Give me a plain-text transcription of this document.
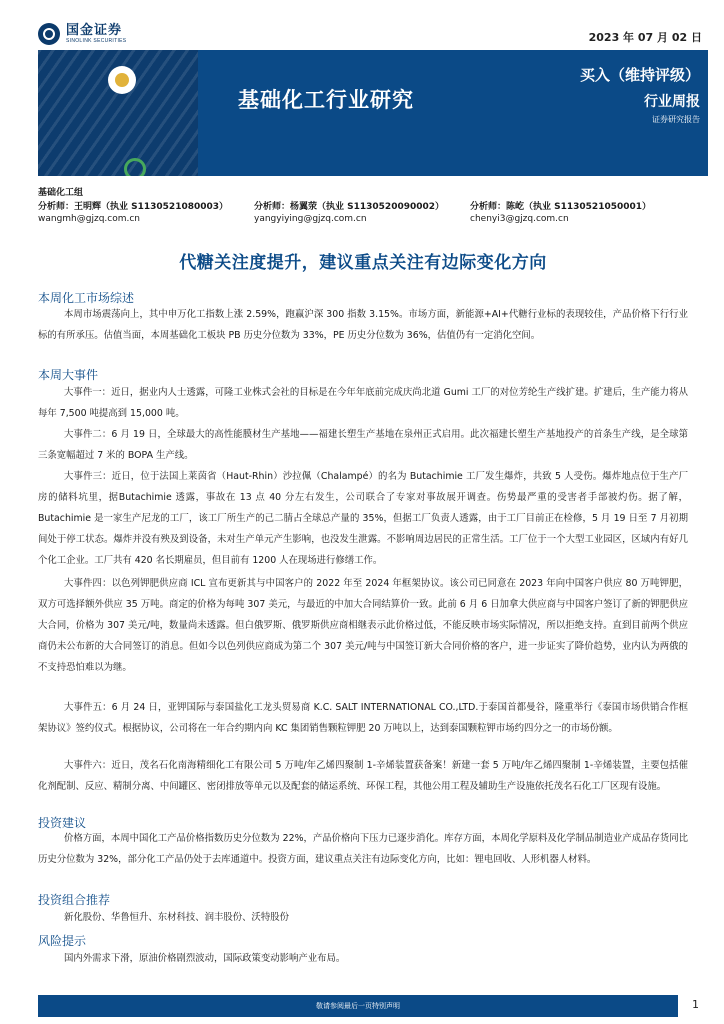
国金证券
SINOLINK SECURITIES	2023 年 07 月 02 日
基础化工行业研究
买入（维持评级）
行业周报
证券研究报告
基础化工组
分析师：王明辉（执业 S1130521080003）	分析师：杨翼荥（执业 S1130520090002）	分析师：陈屹（执业 S1130521050001）
wangmh@gjzq.com.cn	yangyiying@gjzq.com.cn	chenyi3@gjzq.com.cn
代糖关注度提升，建议重点关注有边际变化方向
本周化工市场综述

本周市场震荡向上，其中申万化工指数上涨 2.59%，跑赢沪深 300 指数 3.15%。市场方面，新能源+AI+代糖行业标的表现较佳，产品价格下行行业标的有所承压。估值当面，本周基础化工板块 PB 历史分位数为 33%，PE 历史分位数为 36%，估值仍有一定消化空间。

本周大事件

大事件一：近日，据业内人士透露，可隆工业株式会社的目标是在今年年底前完成庆尚北道 Gumi 工厂的对位芳纶生产线扩建。扩建后，生产能力将从每年 7,500 吨提高到 15,000 吨。

大事件二：6 月 19 日，全球最大的高性能膜材生产基地——福建长塑生产基地在泉州正式启用。此次福建长塑生产基地投产的首条生产线，是全球第三条宽幅超过 7 米的 BOPA 生产线。

大事件三：近日，位于法国上莱茵省（Haut-Rhin）沙拉佩（Chalampé）的名为 Butachimie 工厂发生爆炸，共致 5 人受伤。爆炸地点位于生产厂房的储料坑里，据Butachimie 透露，事故在 13 点 40 分左右发生，公司联合了专家对事故展开调查。伤势最严重的受害者手部被灼伤。据了解，Butachimie 是一家生产尼龙的工厂，该工厂所生产的己二腈占全球总产量的 35%，但据工厂负责人透露，由于工厂目前正在检修，5 月 19 日至 7 月初期间处于停工状态。爆炸并没有殃及到设备，未对生产单元产生影响，也没发生泄露。不影响周边居民的正常生活。工厂位于一个大型工业园区，区域内有好几个化工企业。工厂共有 420 名长期雇员，但目前有 1200 人在现场进行修缮工作。

大事件四：以色列钾肥供应商 ICL 宣布更新其与中国客户的 2022 年至 2024 年框架协议。该公司已同意在 2023 年向中国客户供应 80 万吨钾肥，双方可选择额外供应 35 万吨。商定的价格为每吨 307 美元，与最近的中加大合同结算价一致。此前 6 月 6 日加拿大供应商与中国客户签订了新的钾肥供应大合同，价格为 307 美元/吨，数量尚未透露。但白俄罗斯、俄罗斯供应商相继表示此价格过低，不能反映市场实际情况，所以拒绝支持。直到目前两个供应商仍未公布新的大合同签订的消息。但如今以色列供应商成为第二个 307 美元/吨与中国签订新大合同价格的客户，进一步证实了降价趋势，业内认为两俄的不支持恐怕难以为继。

大事件五：6 月 24 日，亚钾国际与泰国盐化工龙头贸易商 K.C. SALT INTERNATIONAL CO.,LTD.于泰国首都曼谷，隆重举行《泰国市场供销合作框架协议》签约仪式。根据协议，公司将在一年合约期内向 KC 集团销售颗粒钾肥 20 万吨以上，达到泰国颗粒钾市场约四分之一的市场份额。

大事件六：近日，茂名石化南海精细化工有限公司 5 万吨/年乙烯四聚制 1-辛烯装置获备案！新建一套 5 万吨/年乙烯四聚制 1-辛烯装置，主要包括催化剂配制、反应、精制分离、中间罐区、密闭排放等单元以及配套的储运系统、环保工程，其他公用工程及辅助生产设施依托茂名石化工厂区现有设施。

投资建议

价格方面，本周中国化工产品价格指数历史分位数为 22%，产品价格向下压力已逐步消化。库存方面，本周化学原料及化学制品制造业产成品存货同比历史分位数为 32%，部分化工产品仍处于去库通道中。投资方面，建议重点关注有边际变化方向，比如：锂电回收、人形机器人材料。

投资组合推荐

新化股份、华鲁恒升、东材科技、润丰股份、沃特股份

风险提示

国内外需求下滑，原油价格剧烈波动，国际政策变动影响产业布局。

敬请参阅最后一页特别声明	1
